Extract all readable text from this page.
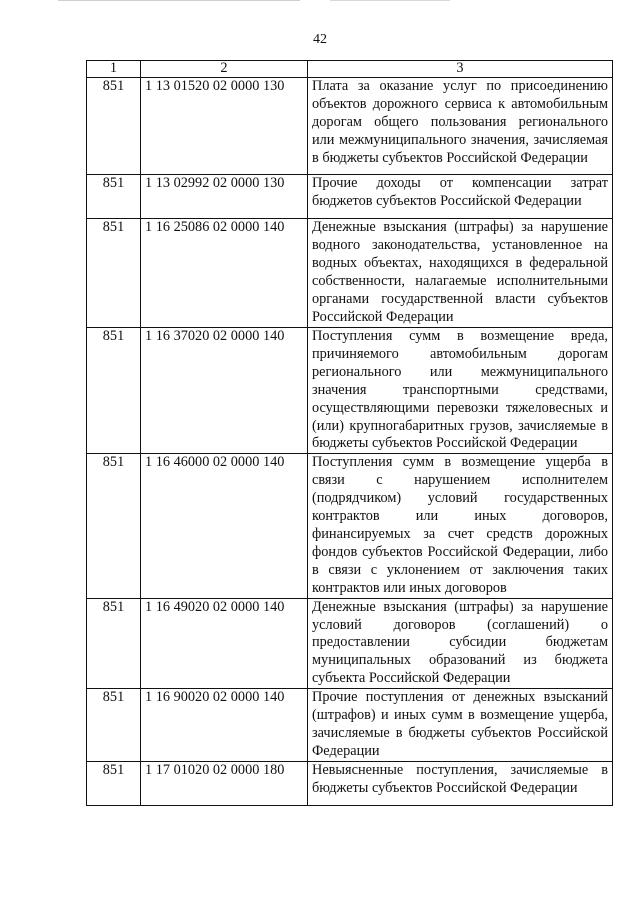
42
1	2	3
851	1 13 01520 02 0000 130	Плата за оказание услуг по присоединению объектов дорожного сервиса к автомобильным дорогам общего пользования регионального или межмуниципального значения, зачисляемая в бюджеты субъектов Российской Федерации
851	1 13 02992 02 0000 130	Прочие доходы от компенсации затрат бюджетов субъектов Российской Федерации
851	1 16 25086 02 0000 140	Денежные взыскания (штрафы) за нарушение водного законодательства, установленное на водных объектах, находящихся в федеральной собственности, налагаемые исполнительными органами государственной власти субъектов Российской Федерации
851	1 16 37020 02 0000 140	Поступления сумм в возмещение вреда, причиняемого автомобильным дорогам регионального или межмуниципального значения транспортными средствами, осуществляющими перевозки тяжеловесных и (или) крупногабаритных грузов, зачисляемые в бюджеты субъектов Российской Федерации
851	1 16 46000 02 0000 140	Поступления сумм в возмещение ущерба в связи с нарушением исполнителем (подрядчиком) условий государственных контрактов или иных договоров, финансируемых за счет средств дорожных фондов субъектов Российской Федерации, либо в связи с уклонением от заключения таких контрактов или иных договоров
851	1 16 49020 02 0000 140	Денежные взыскания (штрафы) за нарушение условий договоров (соглашений) о предоставлении субсидии бюджетам муниципальных образований из бюджета субъекта Российской Федерации
851	1 16 90020 02 0000 140	Прочие поступления от денежных взысканий (штрафов) и иных сумм в возмещение ущерба, зачисляемые в бюджеты субъектов Российской Федерации
851	1 17 01020 02 0000 180	Невыясненные поступления, зачисляемые в бюджеты субъектов Российской Федерации
